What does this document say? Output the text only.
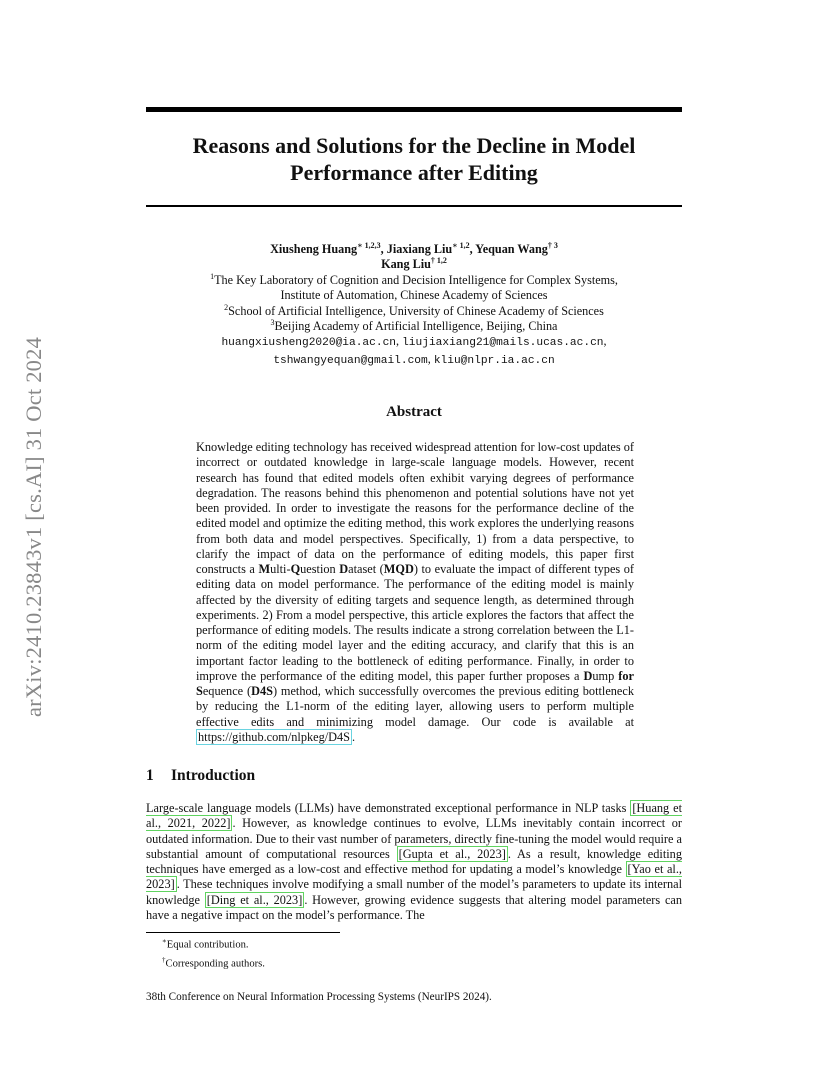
arXiv:2410.23843v1 [cs.AI] 31 Oct 2024
Reasons and Solutions for the Decline in Model
Performance after Editing
Xiusheng Huang$^{∗ 1,2,3}$, Jiaxiang Liu$^{∗ 1,2}$, Yequan Wang$^{\dagger 3}$
Kang Liu$^{\dagger 1,2}$
$^1$The Key Laboratory of Cognition and Decision Intelligence for Complex Systems,
Institute of Automation, Chinese Academy of Sciences
$^2$School of Artificial Intelligence, University of Chinese Academy of Sciences
$^3$Beijing Academy of Artificial Intelligence, Beijing, China
huangxiusheng2020@ia.ac.cn, liujiaxiang21@mails.ucas.ac.cn,
tshwangyequan@gmail.com, kliu@nlpr.ia.ac.cn
Abstract
Knowledge editing technology has received widespread attention for low-cost updates of incorrect or outdated knowledge in large-scale language models. However, recent research has found that edited models often exhibit varying degrees of performance degradation. The reasons behind this phenomenon and potential solutions have not yet been provided. In order to investigate the reasons for the performance decline of the edited model and optimize the editing method, this work explores the underlying reasons from both data and model perspectives. Specifically, 1) from a data perspective, to clarify the impact of data on the performance of editing models, this paper first constructs a Multi-Question Dataset (MQD) to evaluate the impact of different types of editing data on model performance. The performance of the editing model is mainly affected by the diversity of editing targets and sequence length, as determined through experiments. 2) From a model perspective, this article explores the factors that affect the performance of editing models. The results indicate a strong correlation between the L1-norm of the editing model layer and the editing accuracy, and clarify that this is an important factor leading to the bottleneck of editing performance. Finally, in order to improve the performance of the editing model, this paper further proposes a Dump for Sequence (D4S) method, which successfully overcomes the previous editing bottleneck by reducing the L1-norm of the editing layer, allowing users to perform multiple effective edits and minimizing model damage. Our code is available at https://github.com/nlpkeg/D4S .
1 Introduction
Large-scale language models (LLMs) have demonstrated exceptional performance in NLP tasks [Huang et al., 2021, 2022] . However, as knowledge continues to evolve, LLMs inevitably contain incorrect or outdated information. Due to their vast number of parameters, directly fine-tuning the model would require a substantial amount of computational resources [Gupta et al., 2023] . As a result, knowledge editing techniques have emerged as a low-cost and effective method for updating a model’s knowledge [Yao et al., 2023] . These techniques involve modifying a small number of the model’s parameters to update its internal knowledge [Ding et al., 2023] . However, growing evidence suggests that altering model parameters can have a negative impact on the model’s performance. The
∗Equal contribution.
†Corresponding authors.
38th Conference on Neural Information Processing Systems (NeurIPS 2024).
